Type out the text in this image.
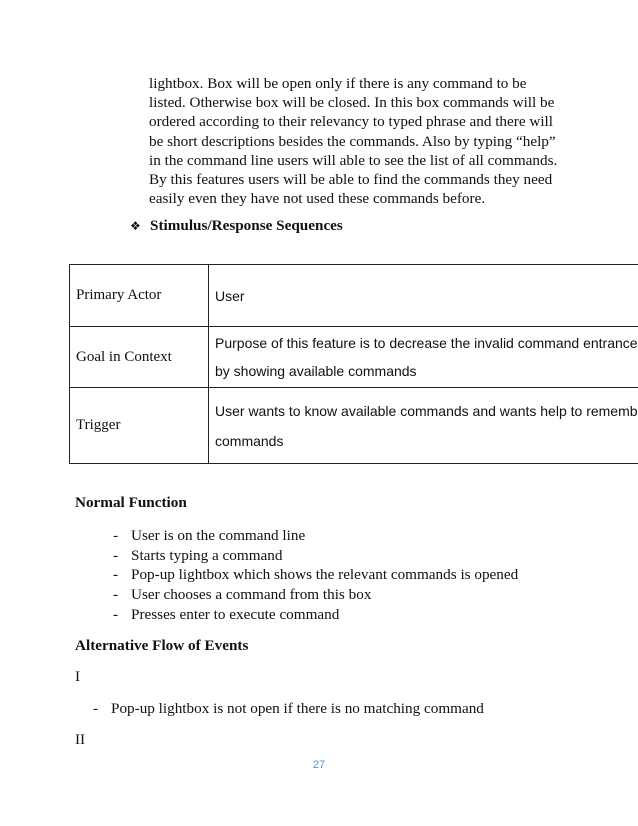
lightbox. Box will be open only if there is any command to be
listed. Otherwise box will be closed. In this box commands will be
ordered according to their relevancy to typed phrase and there will
be short descriptions besides the commands. Also by typing “help”
in the command line users will able to see the list of all commands.
By this features users will be able to find the commands they need
easily even they have not used these commands before.
❖ Stimulus/Response Sequences
Primary Actor	User

Goal in Context	Purpose of this feature is to decrease the invalid command entrance
by showing available commands

Trigger	User wants to know available commands and wants help to rememb
commands
Normal Function
- User is on the command line
- Starts typing a command
- Pop-up lightbox which shows the relevant commands is opened
- User chooses a command from this box
- Presses enter to execute command
Alternative Flow of Events
I
- Pop-up lightbox is not open if there is no matching command
II
27
